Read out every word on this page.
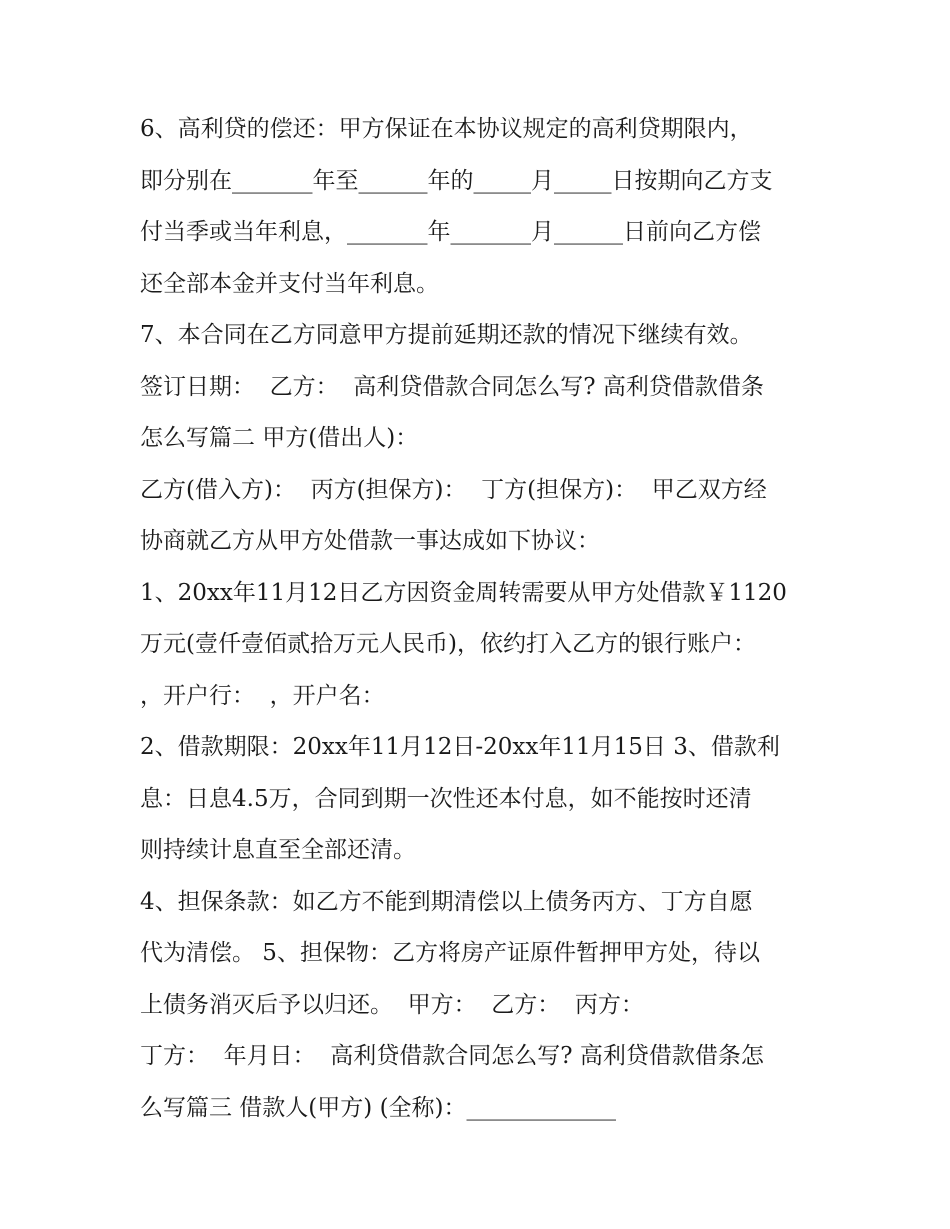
6、高利贷的偿还：甲方保证在本协议规定的高利贷期限内，
即分别在_______年至______年的_____月_____日按期向乙方支
付当季或当年利息，_______年_______月______日前向乙方偿
还全部本金并支付当年利息。
7、本合同在乙方同意甲方提前延期还款的情况下继续有效。
签订日期：  乙方：  高利贷借款合同怎么写? 高利贷借款借条
怎么写篇二 甲方(借出人)：
乙方(借入方)：  丙方(担保方)：  丁方(担保方)：  甲乙双方经
协商就乙方从甲方处借款一事达成如下协议：
1、20xx年11月12日乙方因资金周转需要从甲方处借款￥1120
万元(壹仟壹佰贰拾万元人民币)，依约打入乙方的银行账户：
，开户行：  ，开户名：
2、借款期限：20xx年11月12日-20xx年11月15日 3、借款利
息：日息4.5万，合同到期一次性还本付息，如不能按时还清
则持续计息直至全部还清。
4、担保条款：如乙方不能到期清偿以上债务丙方、丁方自愿
代为清偿。 5、担保物：乙方将房产证原件暂押甲方处，待以
上债务消灭后予以归还。  甲方：  乙方：  丙方：
丁方：  年月日：  高利贷借款合同怎么写? 高利贷借款借条怎
么写篇三 借款人(甲方) (全称)：_____________
